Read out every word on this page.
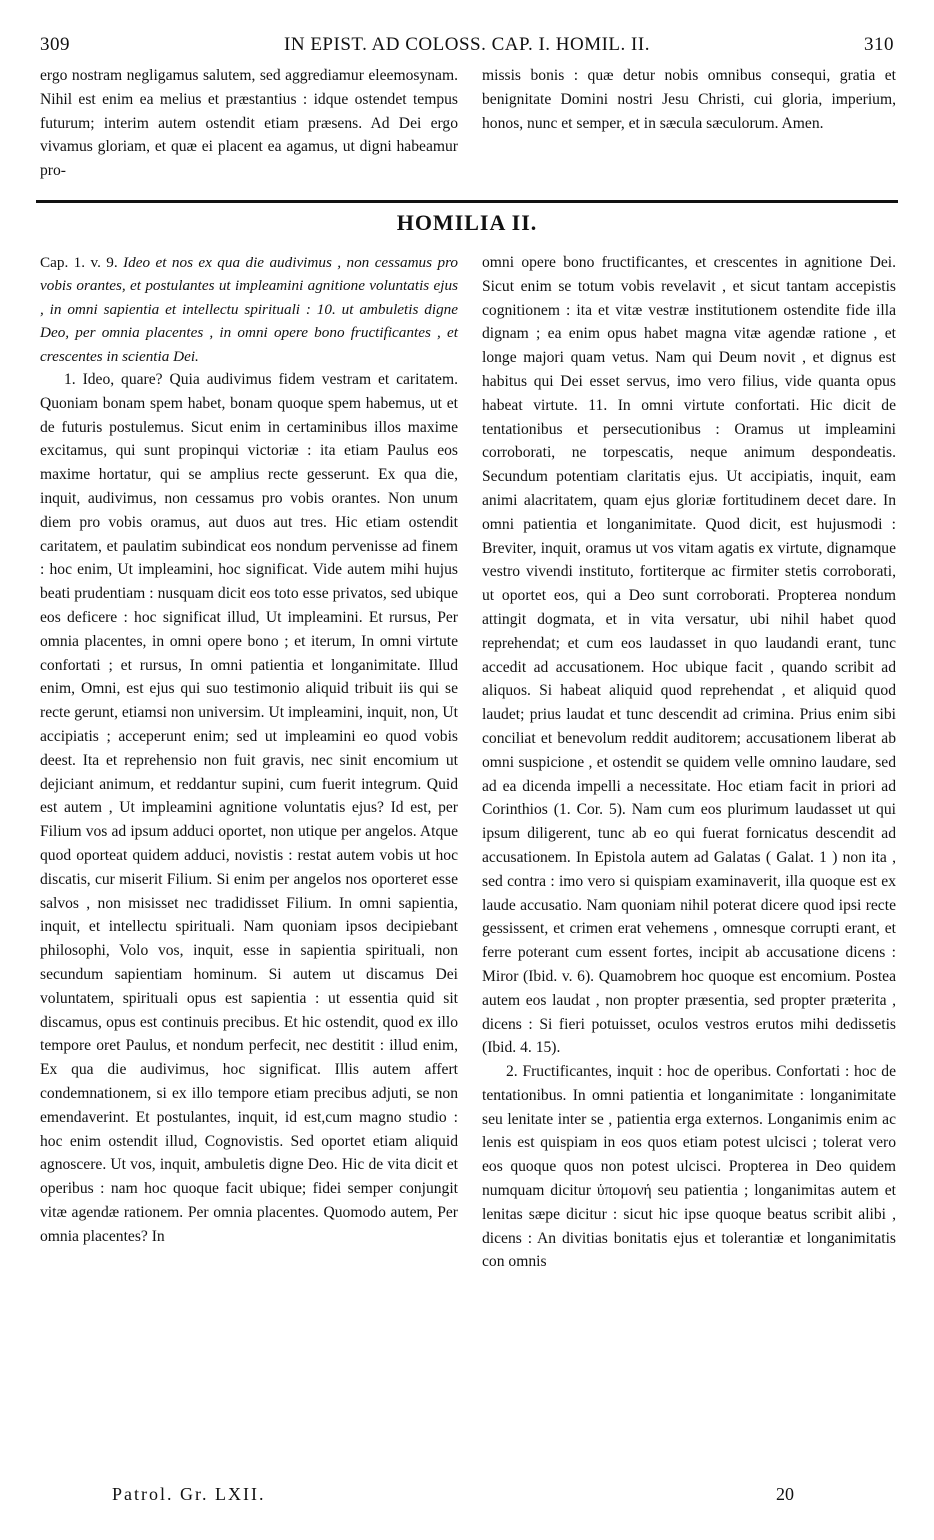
309	IN EPIST. AD COLOSS. CAP. I. HOMIL. II.	310

ergo nostram negligamus salutem, sed aggrediamur eleemosynam. Nihil est enim ea melius et præstantius : idque ostendet tempus futurum; interim autem ostendit etiam præsens. Ad Dei ergo vivamus gloriam, et quæ ei placent ea agamus, ut digni habeamur pro-

missis bonis : quæ detur nobis omnibus consequi, gratia et benignitate Domini nostri Jesu Christi, cui gloria, imperium, honos, nunc et semper, et in sæcula sæculorum. Amen.

HOMILIA II.

Cap. 1. v. 9. Ideo et nos ex qua die audivimus , non cessamus pro vobis orantes, et postulantes ut impleamini agnitione voluntatis ejus , in omni sapientia et intellectu spirituali : 10. ut ambuletis digne Deo, per omnia placentes , in omni opere bono fructificantes , et crescentes in scientia Dei.

1. Ideo, quare? Quia audivimus fidem vestram et caritatem. Quoniam bonam spem habet, bonam quoque spem habemus, ut et de futuris postulemus. Sicut enim in certaminibus illos maxime excitamus, qui sunt propinqui victoriæ : ita etiam Paulus eos maxime hortatur, qui se amplius recte gesserunt. Ex qua die, inquit, audivimus, non cessamus pro vobis orantes. Non unum diem pro vobis oramus, aut duos aut tres. Hic etiam ostendit caritatem, et paulatim subindicat eos nondum pervenisse ad finem : hoc enim, Ut impleamini, hoc significat. Vide autem mihi hujus beati prudentiam : nusquam dicit eos toto esse privatos, sed ubique eos deficere : hoc significat illud, Ut impleamini. Et rursus, Per omnia placentes, in omni opere bono ; et iterum, In omni virtute confortati ; et rursus, In omni patientia et longanimitate. Illud enim, Omni, est ejus qui suo testimonio aliquid tribuit iis qui se recte gerunt, etiamsi non universim. Ut impleamini, inquit, non, Ut accipiatis ; acceperunt enim; sed ut impleamini eo quod vobis deest. Ita et reprehensio non fuit gravis, nec sinit encomium ut dejiciant animum, et reddantur supini, cum fuerit integrum. Quid est autem , Ut impleamini agnitione voluntatis ejus? Id est, per Filium vos ad ipsum adduci oportet, non utique per angelos. Atque quod oporteat quidem adduci, novistis : restat autem vobis ut hoc discatis, cur miserit Filium. Si enim per angelos nos oporteret esse salvos , non misisset nec tradidisset Filium. In omni sapientia, inquit, et intellectu spirituali. Nam quoniam ipsos decipiebant philosophi, Volo vos, inquit, esse in sapientia spirituali, non secundum sapientiam hominum. Si autem ut discamus Dei voluntatem, spirituali opus est sapientia : ut essentia quid sit discamus, opus est continuis precibus. Et hic ostendit, quod ex illo tempore oret Paulus, et nondum perfecit, nec destitit : illud enim, Ex qua die audivimus, hoc significat. Illis autem affert condemnationem, si ex illo tempore etiam precibus adjuti, se non emendaverint. Et postulantes, inquit, id est,cum magno studio : hoc enim ostendit illud, Cognovistis. Sed oportet etiam aliquid agnoscere. Ut vos, inquit, ambuletis digne Deo. Hic de vita dicit et operibus : nam hoc quoque facit ubique; fidei semper conjungit vitæ agendæ rationem. Per omnia placentes. Quomodo autem, Per omnia placentes? In

omni opere bono fructificantes, et crescentes in agnitione Dei. Sicut enim se totum vobis revelavit , et sicut tantam accepistis cognitionem : ita et vitæ vestræ institutionem ostendite fide illa dignam ; ea enim opus habet magna vitæ agendæ ratione , et longe majori quam vetus. Nam qui Deum novit , et dignus est habitus qui Dei esset servus, imo vero filius, vide quanta opus habeat virtute. 11. In omni virtute confortati. Hic dicit de tentationibus et persecutionibus : Oramus ut impleamini corroborati, ne torpescatis, neque animum despondeatis. Secundum potentiam claritatis ejus. Ut accipiatis, inquit, eam animi alacritatem, quam ejus gloriæ fortitudinem decet dare. In omni patientia et longanimitate. Quod dicit, est hujusmodi : Breviter, inquit, oramus ut vos vitam agatis ex virtute, dignamque vestro vivendi instituto, fortiterque ac firmiter stetis corroborati, ut oportet eos, qui a Deo sunt corroborati. Propterea nondum attingit dogmata, et in vita versatur, ubi nihil habet quod reprehendat; et cum eos laudasset in quo laudandi erant, tunc accedit ad accusationem. Hoc ubique facit , quando scribit ad aliquos. Si habeat aliquid quod reprehendat , et aliquid quod laudet; prius laudat et tunc descendit ad crimina. Prius enim sibi conciliat et benevolum reddit auditorem; accusationem liberat ab omni suspicione , et ostendit se quidem velle omnino laudare, sed ad ea dicenda impelli a necessitate. Hoc etiam facit in priori ad Corinthios (1. Cor. 5). Nam cum eos plurimum laudasset ut qui ipsum diligerent, tunc ab eo qui fuerat fornicatus descendit ad accusationem. In Epistola autem ad Galatas ( Galat. 1 ) non ita , sed contra : imo vero si quispiam examinaverit, illa quoque est ex laude accusatio. Nam quoniam nihil poterat dicere quod ipsi recte gessissent, et crimen erat vehemens , omnesque corrupti erant, et ferre poterant cum essent fortes, incipit ab accusatione dicens : Miror (Ibid. v. 6). Quamobrem hoc quoque est encomium. Postea autem eos laudat , non propter præsentia, sed propter præterita , dicens : Si fieri potuisset, oculos vestros erutos mihi dedissetis (Ibid. 4. 15).

2. Fructificantes, inquit : hoc de operibus. Confortati : hoc de tentationibus. In omni patientia et longanimitate : longanimitate seu lenitate inter se , patientia erga externos. Longanimis enim ac lenis est quispiam in eos quos etiam potest ulcisci ; tolerat vero eos quoque quos non potest ulcisci. Propterea in Deo quidem numquam dicitur ὑπομονή seu patientia ; longanimitas autem et lenitas sæpe dicitur : sicut hic ipse quoque beatus scribit alibi , dicens : An divitias bonitatis ejus et tolerantiæ et longanimitatis con omnis

Patrol. Gr. LXII.	20
